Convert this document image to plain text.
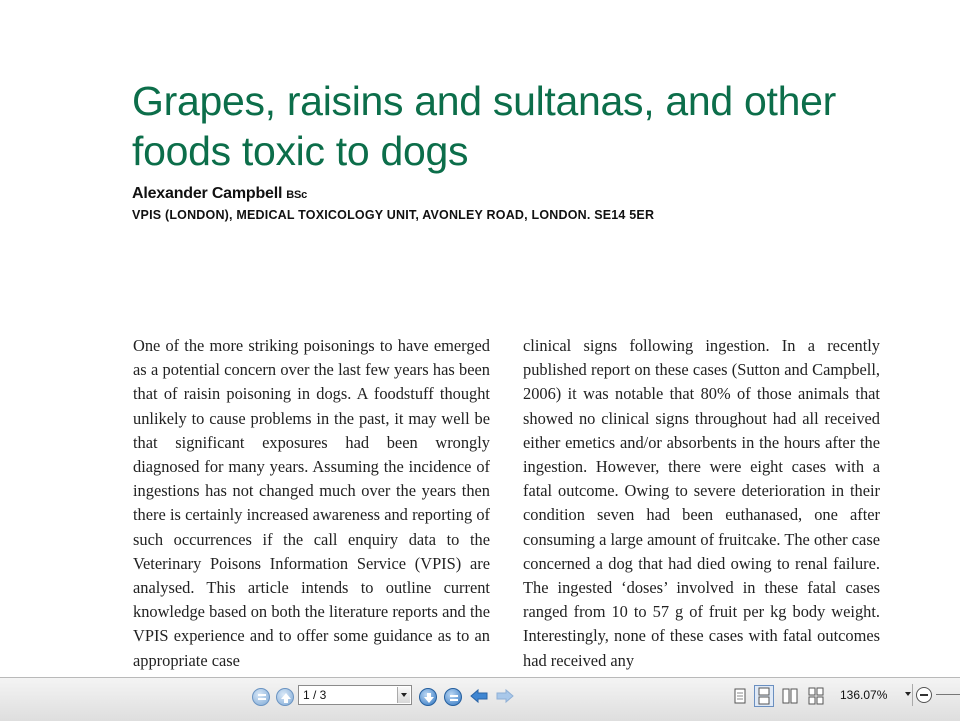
Grapes, raisins and sultanas, and other foods toxic to dogs

Alexander Campbell BSc

VPIS (LONDON), MEDICAL TOXICOLOGY UNIT, AVONLEY ROAD, LONDON. SE14 5ER

One of the more striking poisonings to have emerged as a potential concern over the last few years has been that of raisin poisoning in dogs. A foodstuff thought unlikely to cause problems in the past, it may well be that significant exposures had been wrongly diagnosed for many years. Assuming the incidence of ingestions has not changed much over the years then there is certainly increased awareness and reporting of such occurrences if the call enquiry data to the Veterinary Poisons Information Service (VPIS) are analysed. This article intends to outline current knowledge based on both the literature reports and the VPIS experience and to offer some guidance as to an appropriate case

clinical signs following ingestion. In a recently published report on these cases (Sutton and Campbell, 2006) it was notable that 80% of those animals that showed no clinical signs throughout had all received either emetics and/or absorbents in the hours after the ingestion. However, there were eight cases with a fatal outcome. Owing to severe deterioration in their condition seven had been euthanased, one after consuming a large amount of fruitcake. The other case concerned a dog that had died owing to renal failure. The ingested ‘doses’ involved in these fatal cases ranged from 10 to 57 g of fruit per kg body weight. Interestingly, none of these cases with fatal outcomes had received any

1 / 3	136.07%
